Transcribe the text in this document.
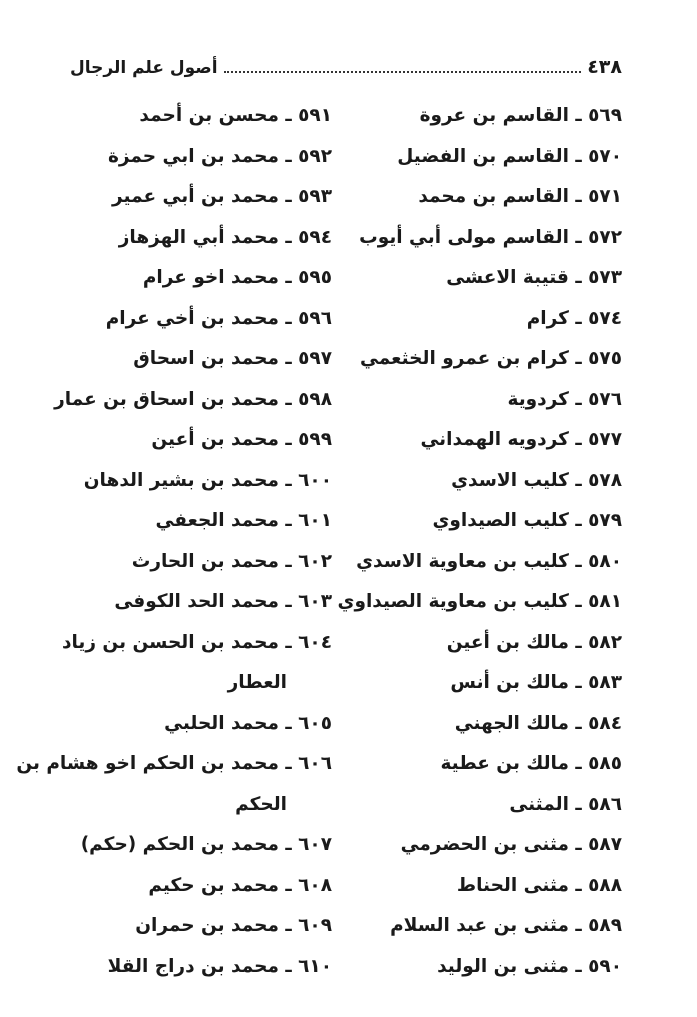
أصول علم الرجال	٤٣٨
٥٦٩ ـ القاسم بن عروة
٥٧٠ ـ القاسم بن الفضيل
٥٧١ ـ القاسم بن محمد
٥٧٢ ـ القاسم مولى أبي أيوب
٥٧٣ ـ قتيبة الاعشى
٥٧٤ ـ كرام
٥٧٥ ـ كرام بن عمرو الخثعمي
٥٧٦ ـ كردوية
٥٧٧ ـ كردويه الهمداني
٥٧٨ ـ كليب الاسدي
٥٧٩ ـ كليب الصيداوي
٥٨٠ ـ كليب بن معاوية الاسدي
٥٨١ ـ كليب بن معاوية الصيداوي
٥٨٢ ـ مالك بن أعين
٥٨٣ ـ مالك بن أنس
٥٨٤ ـ مالك الجهني
٥٨٥ ـ مالك بن عطية
٥٨٦ ـ المثنى
٥٨٧ ـ مثنى بن الحضرمي
٥٨٨ ـ مثنى الحناط
٥٨٩ ـ مثنى بن عبد السلام
٥٩٠ ـ مثنى بن الوليد
٥٩١ ـ محسن بن أحمد
٥٩٢ ـ محمد بن ابي حمزة
٥٩٣ ـ محمد بن أبي عمير
٥٩٤ ـ محمد أبي الهزهاز
٥٩٥ ـ محمد اخو عرام
٥٩٦ ـ محمد بن أخي عرام
٥٩٧ ـ محمد بن اسحاق
٥٩٨ ـ محمد بن اسحاق بن عمار
٥٩٩ ـ محمد بن أعين
٦٠٠ ـ محمد بن بشير الدهان
٦٠١ ـ محمد الجعفي
٦٠٢ ـ محمد بن الحارث
٦٠٣ ـ محمد الحد الكوفى
٦٠٤ ـ محمد بن الحسن بن زياد
العطار
٦٠٥ ـ محمد الحلبي
٦٠٦ ـ محمد بن الحكم اخو هشام بن
الحكم
٦٠٧ ـ محمد بن الحكم (حكم)
٦٠٨ ـ محمد بن حكيم
٦٠٩ ـ محمد بن حمران
٦١٠ ـ محمد بن دراج القلا
